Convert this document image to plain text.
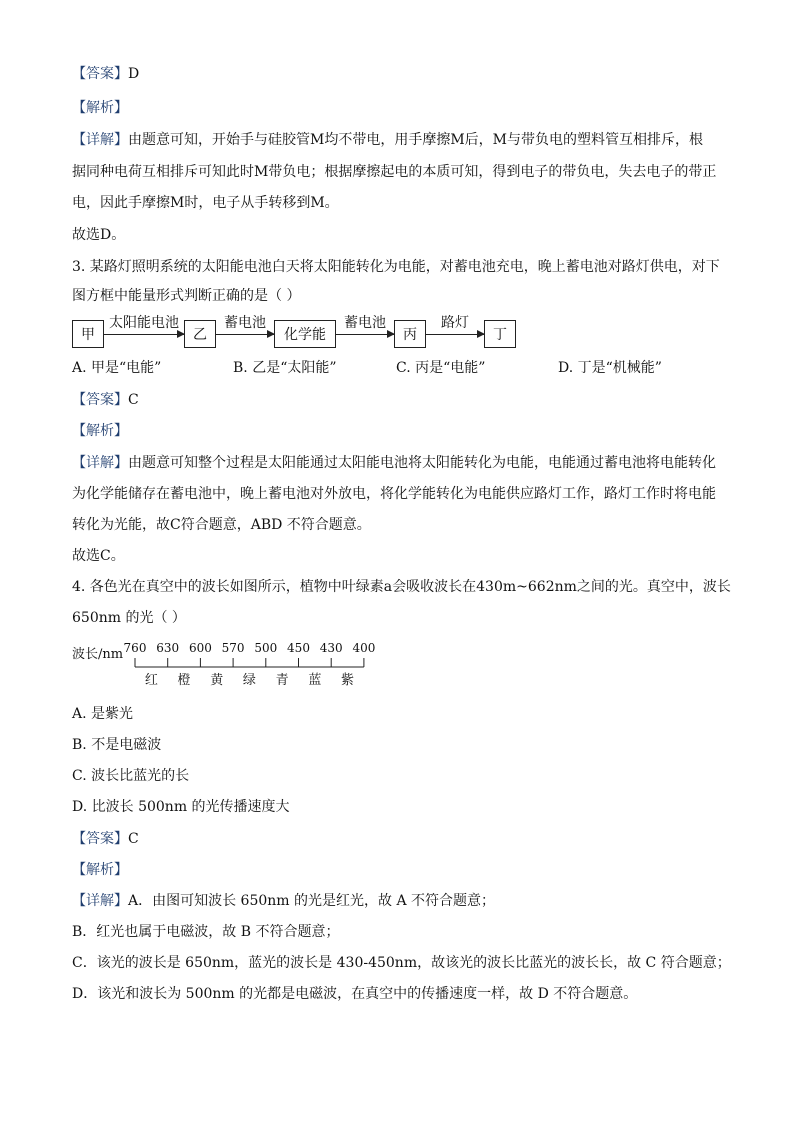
【答案】D
【解析】
【详解】由题意可知，开始手与硅胶管M均不带电，用手摩擦M后，M与带负电的塑料管互相排斥，根
据同种电荷互相排斥可知此时M带负电；根据摩擦起电的本质可知，得到电子的带负电，失去电子的带正
电，因此手摩擦M时，电子从手转移到M。
故选D。
3. 某路灯照明系统的太阳能电池白天将太阳能转化为电能，对蓄电池充电，晚上蓄电池对路灯供电，对下
图方框中能量形式判断正确的是（ ）
甲
太阳能电池
乙
蓄电池
化学能
蓄电池
丙
路灯
丁
A. 甲是“电能”	B. 乙是“太阳能”	C. 丙是“电能”	D. 丁是“机械能”
【答案】C
【解析】
【详解】由题意可知整个过程是太阳能通过太阳能电池将太阳能转化为电能，电能通过蓄电池将电能转化
为化学能储存在蓄电池中，晚上蓄电池对外放电，将化学能转化为电能供应路灯工作，路灯工作时将电能
转化为光能，故C符合题意，ABD 不符合题意。
故选C。
4. 各色光在真空中的波长如图所示，植物中叶绿素a会吸收波长在430m~662nm之间的光。真空中，波长
650nm 的光（ ）
波长/nm 760 630 600 570 500 450 430 400
红	橙	黄	绿	青	蓝	紫
A. 是紫光
B. 不是电磁波
C. 波长比蓝光的长
D. 比波长 500nm 的光传播速度大
【答案】C
【解析】
【详解】A．由图可知波长 650nm 的光是红光，故 A 不符合题意；
B．红光也属于电磁波，故 B 不符合题意；
C．该光的波长是 650nm，蓝光的波长是 430-450nm，故该光的波长比蓝光的波长长，故 C 符合题意；
D．该光和波长为 500nm 的光都是电磁波，在真空中的传播速度一样，故 D 不符合题意。
